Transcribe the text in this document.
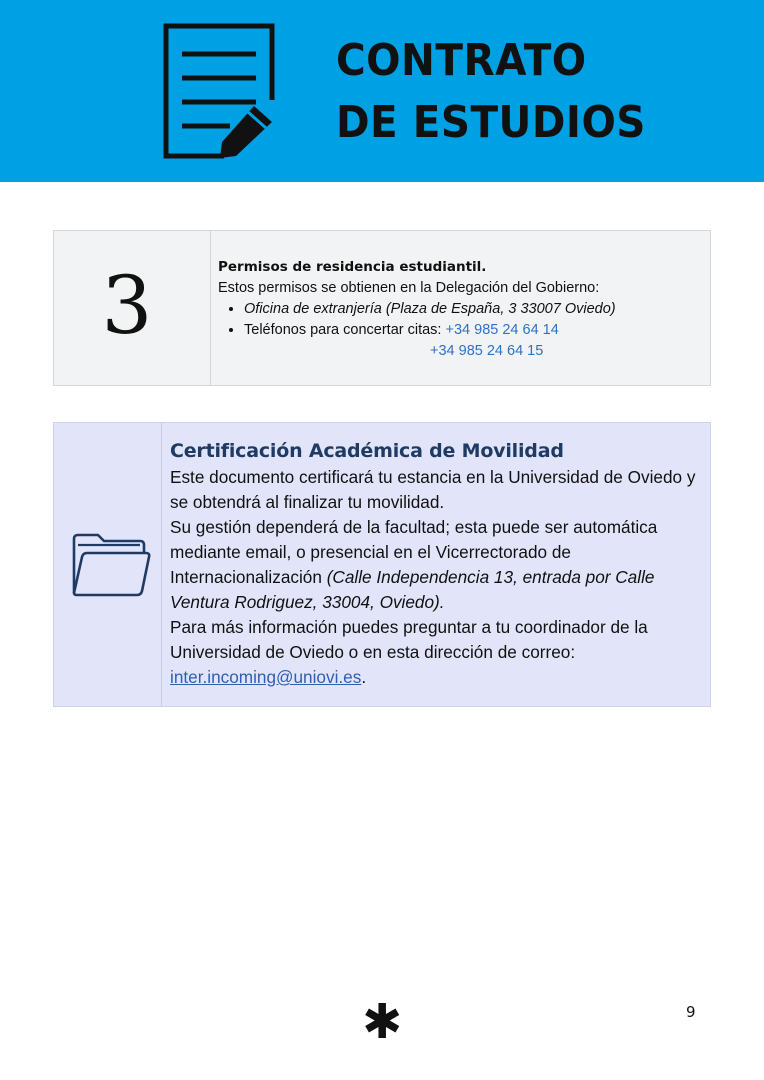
CONTRATO
DE ESTUDIOS
3	Permisos de residencia estudiantil.
Estos permisos se obtienen en la Delegación del Gobierno:
• Oficina de extranjería (Plaza de España, 3 33007 Oviedo)
• Teléfonos para concertar citas: +34 985 24 64 14
+34 985 24 64 15
Certificación Académica de Movilidad

Este documento certificará tu estancia en la Universidad de Oviedo y se obtendrá al finalizar tu movilidad.

Su gestión dependerá de la facultad; esta puede ser automática mediante email, o presencial en el Vicerrectorado de Internacionalización (Calle Independencia 13, entrada por Calle Ventura Rodriguez, 33004, Oviedo).

Para más información puedes preguntar a tu coordinador de la Universidad de Oviedo o en esta dirección de correo: inter.incoming@uniovi.es.

✱	9
